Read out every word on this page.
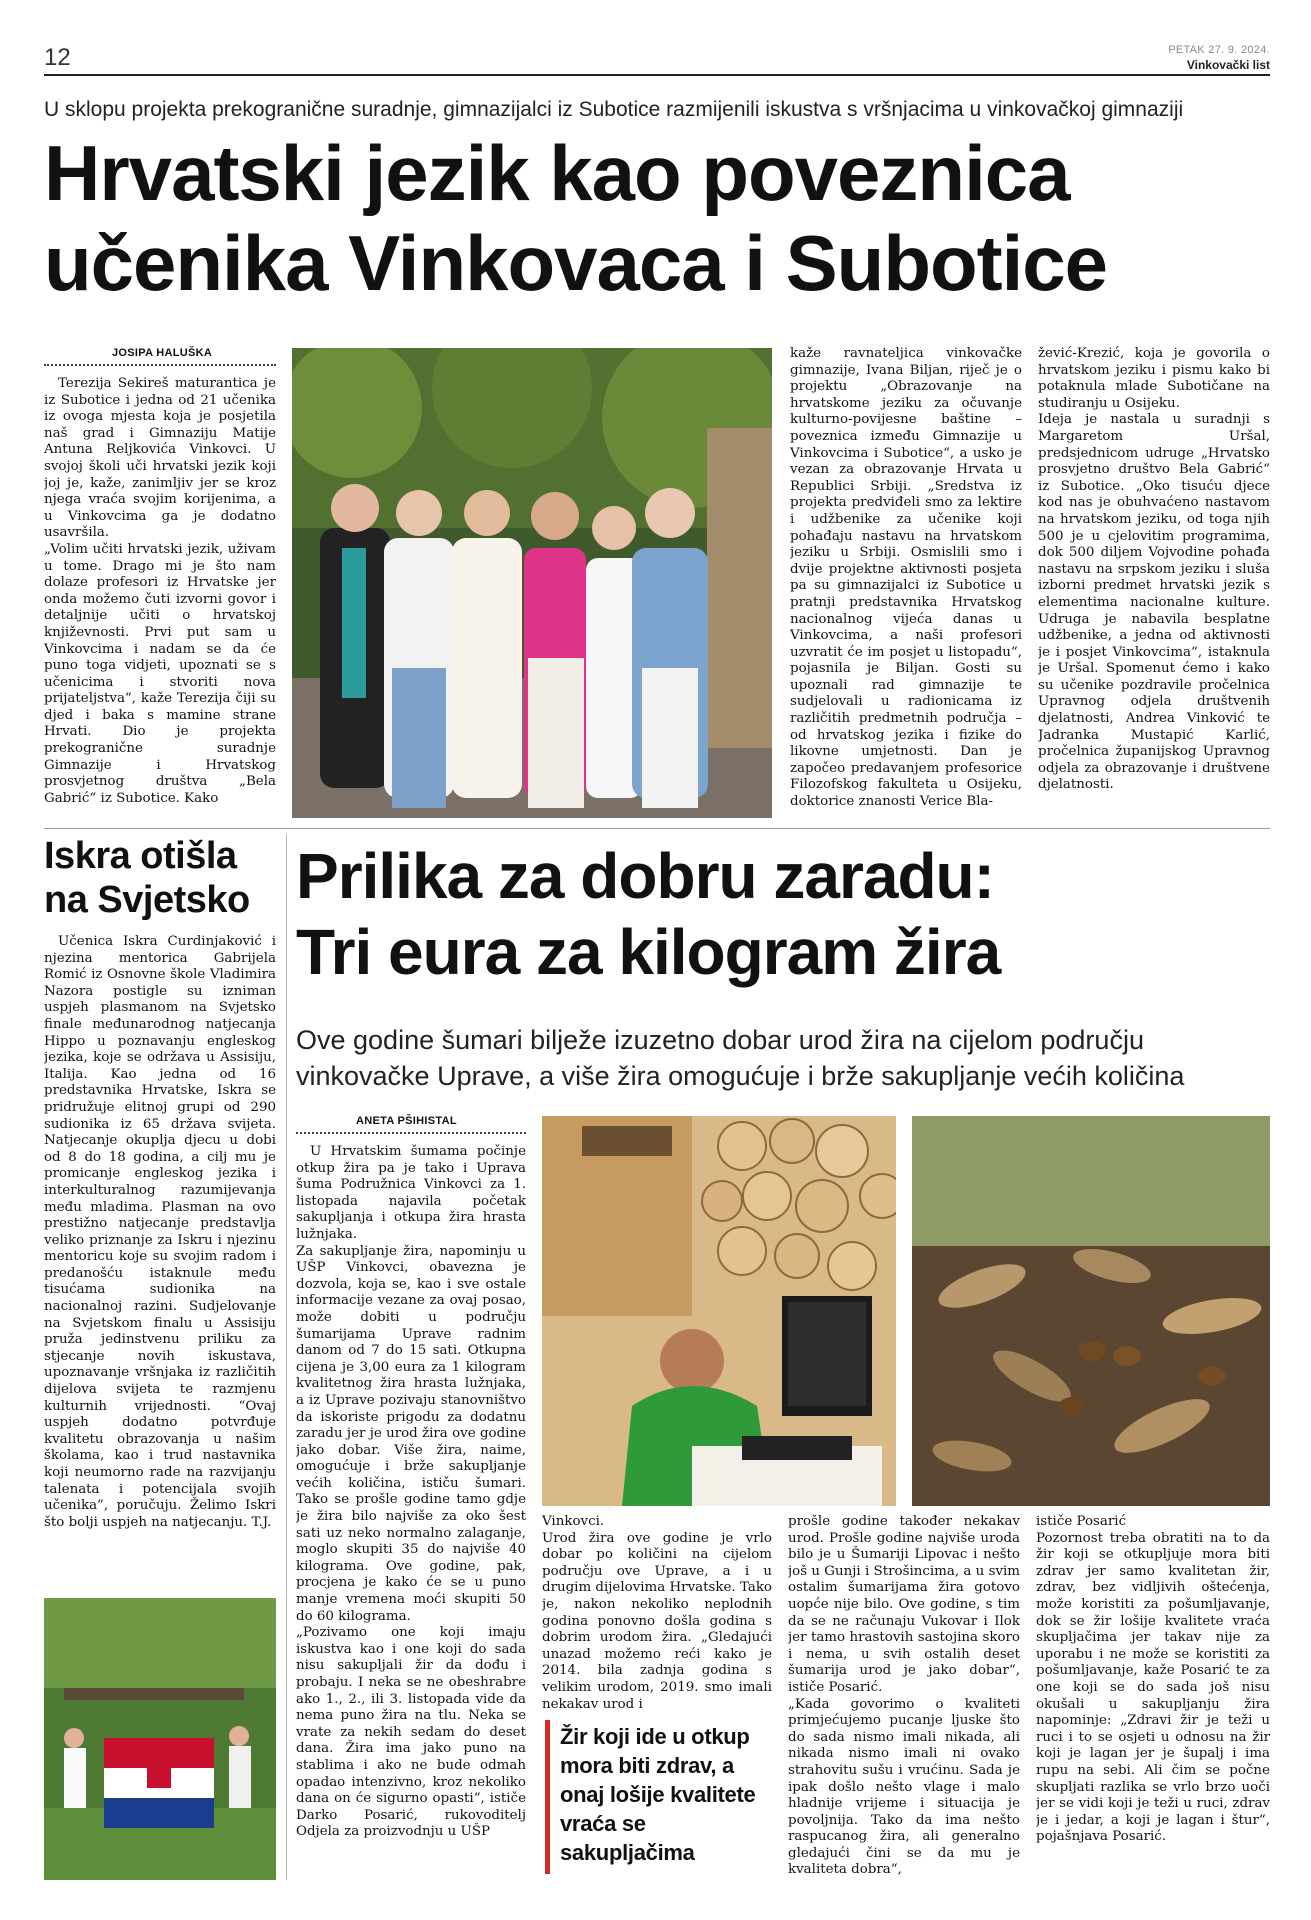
12	PETAK 27. 9. 2024.
Vinkovački list
U sklopu projekta prekogranične suradnje, gimnazijalci iz Subotice razmijenili iskustva s vršnjacima u vinkovačkoj gimnaziji
Hrvatski jezik kao poveznica
učenika Vinkovaca i Subotice
JOSIPA HALUŠKA
Terezija Sekireš maturantica je iz Subotice i jedna od 21 učenika iz ovoga mjesta koja je posjetila naš grad i Gimnaziju Matije Antuna Reljkovića Vinkovci. U svojoj školi uči hrvatski jezik koji joj je, kaže, zanimljiv jer se kroz njega vraća svojim korijenima, a u Vinkovcima ga je dodatno usavršila.
„Volim učiti hrvatski jezik, uživam u tome. Drago mi je što nam dolaze profesori iz Hrvatske jer onda možemo čuti izvorni govor i detaljnije učiti o hrvatskoj književnosti. Prvi put sam u Vinkovcima i nadam se da će puno toga vidjeti, upoznati se s učenicima i stvoriti nova prijateljstva“, kaže Terezija čiji su djed i baka s mamine strane Hrvati. Dio je projekta prekogranične suradnje Gimnazije i Hrvatskog prosvjetnog društva „Bela Gabrić“ iz Subotice. Kako
kaže ravnateljica vinkovačke gimnazije, Ivana Biljan, riječ je o projektu „Obrazovanje na hrvatskome jeziku za očuvanje kulturno-povijesne baštine – poveznica između Gimnazije u Vinkovcima i Subotice“, a usko je vezan za obrazovanje Hrvata u Republici Srbiji. „Sredstva iz projekta predviđeli smo za lektire i udžbenike za učenike koji pohađaju nastavu na hrvatskom jeziku u Srbiji. Osmislili smo i dvije projektne aktivnosti posjeta pa su gimnazijalci iz Subotice u pratnji predstavnika Hrvatskog nacionalnog vijeća danas u Vinkovcima, a naši profesori uzvratit će im posjet u listopadu“, pojasnila je Biljan. Gosti su upoznali rad gimnazije te sudjelovali u radionicama iz različitih predmetnih područja – od hrvatskog jezika i fizike do likovne umjetnosti. Dan je započeo predavanjem profesorice Filozofskog fakulteta u Osijeku, doktorice znanosti Verice Bla-
žević-Krezić, koja je govorila o hrvatskom jeziku i pismu kako bi potaknula mlade Subotičane na studiranju u Osijeku.
Ideja je nastala u suradnji s Margaretom Uršal, predsjednicom udruge „Hrvatsko prosvjetno društvo Bela Gabrić“ iz Subotice. „Oko tisuću djece kod nas je obuhvaćeno nastavom na hrvatskom jeziku, od toga njih 500 je u cjelovitim programima, dok 500 diljem Vojvodine pohađa nastavu na srpskom jeziku i sluša izborni predmet hrvatski jezik s elementima nacionalne kulture. Udruga je nabavila besplatne udžbenike, a jedna od aktivnosti je i posjet Vinkovcima“, istaknula je Uršal. Spomenut ćemo i kako su učenike pozdravile pročelnica Upravnog odjela društvenih djelatnosti, Andrea Vinković te Jadranka Mustapić Karlić, pročelnica županijskog Upravnog odjela za obrazovanje i društvene djelatnosti.
Iskra otišla
na Svjetsko
Učenica Iskra Čurdinjaković i njezina mentorica Gabrijela Romić iz Osnovne škole Vladimira Nazora postigle su izniman uspjeh plasmanom na Svjetsko finale međunarodnog natjecanja Hippo u poznavanju engleskog jezika, koje se održava u Assisiju, Italija. Kao jedna od 16 predstavnika Hrvatske, Iskra se pridružuje elitnoj grupi od 290 sudionika iz 65 država svijeta. Natjecanje okuplja djecu u dobi od 8 do 18 godina, a cilj mu je promicanje engleskog jezika i interkulturalnog razumijevanja među mladima. Plasman na ovo prestižno natjecanje predstavlja veliko priznanje za Iskru i njezinu mentoricu koje su svojim radom i predanošću istaknule među tisućama sudionika na nacionalnoj razini. Sudjelovanje na Svjetskom finalu u Assisiju pruža jedinstvenu priliku za stjecanje novih iskustava, upoznavanje vršnjaka iz različitih dijelova svijeta te razmjenu kulturnih vrijednosti. “Ovaj uspjeh dodatno potvrđuje kvalitetu obrazovanja u našim školama, kao i trud nastavnika koji neumorno rade na razvijanju talenata i potencijala svojih učenika”, poručuju. Želimo Iskri što bolji uspjeh na natjecanju. T.J.
Prilika za dobru zaradu:
Tri eura za kilogram žira
Ove godine šumari bilježe izuzetno dobar urod žira na cijelom području vinkovačke Uprave, a više žira omogućuje i brže sakupljanje većih količina
ANETA PŠIHISTAL
U Hrvatskim šumama počinje otkup žira pa je tako i Uprava šuma Podružnica Vinkovci za 1. listopada najavila početak sakupljanja i otkupa žira hrasta lužnjaka.
Za sakupljanje žira, napominju u UŠP Vinkovci, obavezna je dozvola, koja se, kao i sve ostale informacije vezane za ovaj posao, može dobiti u području šumarijama Uprave radnim danom od 7 do 15 sati. Otkupna cijena je 3,00 eura za 1 kilogram kvalitetnog žira hrasta lužnjaka, a iz Uprave pozivaju stanovništvo da iskoriste prigodu za dodatnu zaradu jer je urod žira ove godine jako dobar. Više žira, naime, omogućuje i brže sakupljanje većih količina, ističu šumari. Tako se prošle godine tamo gdje je žira bilo najviše za oko šest sati uz neko normalno zalaganje, moglo skupiti 35 do najviše 40 kilograma. Ove godine, pak, procjena je kako će se u puno manje vremena moći skupiti 50 do 60 kilograma.
„Pozivamo one koji imaju iskustva kao i one koji do sada nisu sakupljali žir da dođu i probaju. I neka se ne obeshrabre ako 1., 2., ili 3. listopada vide da nema puno žira na tlu. Neka se vrate za nekih sedam do deset dana. Žira ima jako puno na stablima i ako ne bude odmah opadao intenzivno, kroz nekoliko dana on će sigurno opasti“, ističe Darko Posarić, rukovoditelj Odjela za proizvodnju u UŠP
Vinkovci.
Urod žira ove godine je vrlo dobar po količini na cijelom području ove Uprave, a i u drugim dijelovima Hrvatske. Tako je, nakon nekoliko neplodnih godina ponovno došla godina s dobrim urodom žira. „Gledajući unazad možemo reći kako je 2014. bila zadnja godina s velikim urodom, 2019. smo imali nekakav urod i
Žir koji ide u otkup mora biti zdrav, a onaj lošije kvalitete vraća se sakupljačima
prošle godine također nekakav urod. Prošle godine najviše uroda bilo je u Šumariji Lipovac i nešto još u Gunji i Strošincima, a u svim ostalim šumarijama žira gotovo uopće nije bilo. Ove godine, s tim da se ne računaju Vukovar i Ilok jer tamo hrastovih sastojina skoro i nema, u svih ostalih deset šumarija urod je jako dobar“, ističe Posarić.
„Kada govorimo o kvaliteti primjećujemo pucanje ljuske što do sada nismo imali nikada, ali nikada nismo imali ni ovako strahovitu sušu i vrućinu. Sada je ipak došlo nešto vlage i malo hladnije vrijeme i situacija je povoljnija. Tako da ima nešto raspucanog žira, ali generalno gledajući čini se da mu je kvaliteta dobra“,
ističe Posarić
Pozornost treba obratiti na to da žir koji se otkupljuje mora biti zdrav jer samo kvalitetan žir, zdrav, bez vidljivih oštećenja, može koristiti za pošumljavanje, dok se žir lošije kvalitete vraća skupljačima jer takav nije za uporabu i ne može se koristiti za pošumljavanje, kaže Posarić te za one koji se do sada još nisu okušali u sakupljanju žira napominje: „Zdravi žir je teži u ruci i to se osjeti u odnosu na žir koji je lagan jer je šupalj i ima rupu na sebi. Ali čim se počne skupljati razlika se vrlo brzo uoči jer se vidi koji je teži u ruci, zdrav je i jedar, a koji je lagan i štur“, pojašnjava Posarić.
